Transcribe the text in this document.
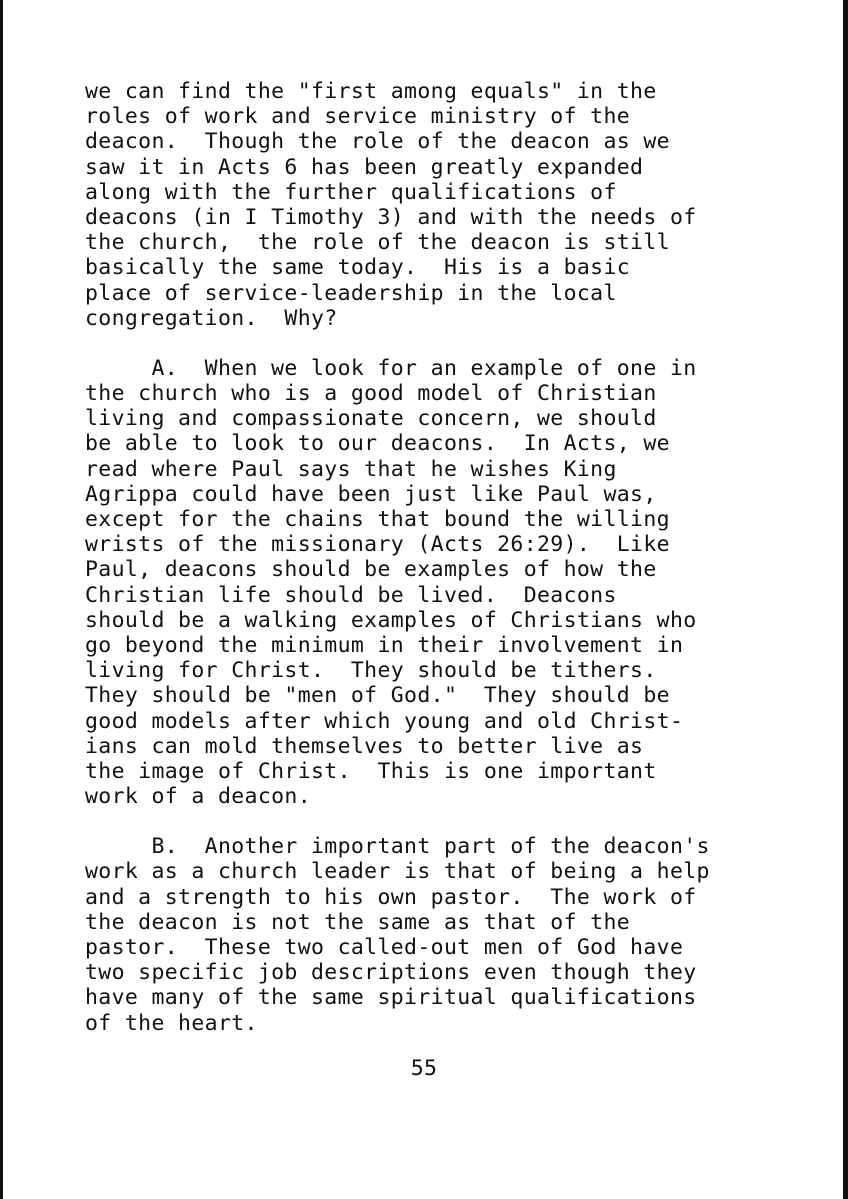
we can find the "first among equals" in the
roles of work and service ministry of the
deacon.  Though the role of the deacon as we
saw it in Acts 6 has been greatly expanded
along with the further qualifications of
deacons (in I Timothy 3) and with the needs of
the church,  the role of the deacon is still
basically the same today.  His is a basic
place of service-leadership in the local
congregation.  Why?
A.  When we look for an example of one in
the church who is a good model of Christian
living and compassionate concern, we should
be able to look to our deacons.  In Acts, we
read where Paul says that he wishes King
Agrippa could have been just like Paul was,
except for the chains that bound the willing
wrists of the missionary (Acts 26:29).  Like
Paul, deacons should be examples of how the
Christian life should be lived.  Deacons
should be a walking examples of Christians who
go beyond the minimum in their involvement in
living for Christ.  They should be tithers.
They should be "men of God."  They should be
good models after which young and old Christ-
ians can mold themselves to better live as
the image of Christ.  This is one important
work of a deacon.
B.  Another important part of the deacon's
work as a church leader is that of being a help
and a strength to his own pastor.  The work of
the deacon is not the same as that of the
pastor.  These two called-out men of God have
two specific job descriptions even though they
have many of the same spiritual qualifications
of the heart.
55
